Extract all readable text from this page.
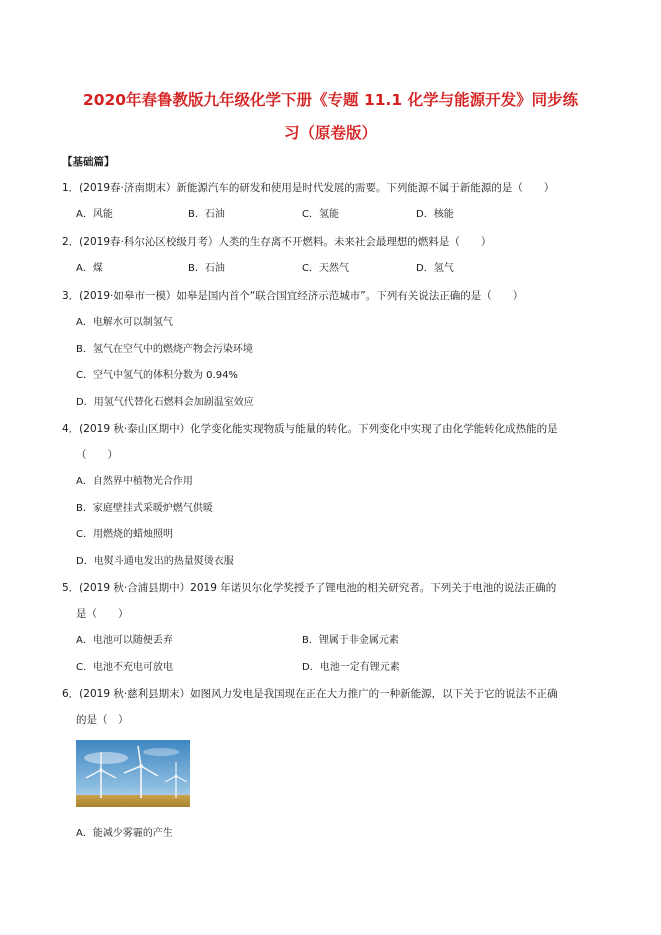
2020年春鲁教版九年级化学下册《专题 11.1 化学与能源开发》同步练
习（原卷版）
【基础篇】
1．(2019春·济南期末）新能源汽车的研发和使用是时代发展的需要。下列能源不属于新能源的是（　　）
A．风能	B．石油	C．氢能	D．核能
2．(2019春·科尔沁区校级月考）人类的生存离不开燃料。未来社会最理想的燃料是（　　）
A．煤	B．石油	C．天然气	D．氢气
3．(2019·如皋市一模）如皋是国内首个“联合国宜经济示范城市”。下列有关说法正确的是（　　）
A．电解水可以制氢气
B．氢气在空气中的燃烧产物会污染环境
C．空气中氢气的体积分数为 0.94%
D．用氢气代替化石燃料会加剧温室效应
4．(2019 秋·泰山区期中）化学变化能实现物质与能量的转化。下列变化中实现了由化学能转化成热能的是
（　　）
A．自然界中植物光合作用
B．家庭壁挂式采暖炉燃气供暖
C．用燃烧的蜡烛照明
D．电熨斗通电发出的热量熨烫衣服
5．(2019 秋·合浦县期中）2019 年诺贝尔化学奖授予了锂电池的相关研究者。下列关于电池的说法正确的
是（　　）
A．电池可以随便丢弃	B．锂属于非金属元素
C．电池不充电可放电	D．电池一定有锂元素
6．(2019 秋·慈利县期末）如图风力发电是我国现在正在大力推广的一种新能源，以下关于它的说法不正确
的是（　）
A．能减少雾霾的产生
